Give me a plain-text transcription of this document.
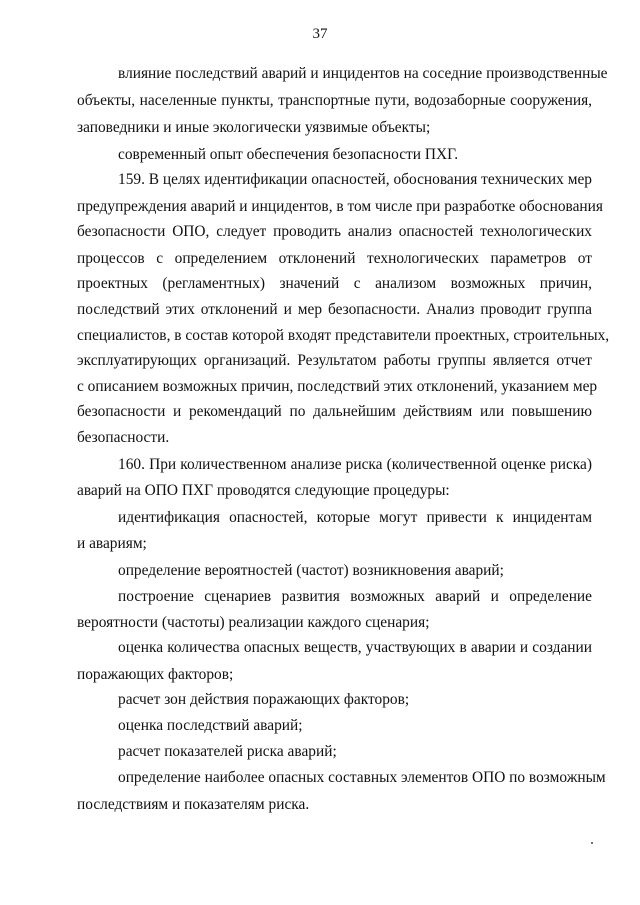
37
влияние последствий аварий и инцидентов на соседние производственные
объекты, населенные пункты, транспортные пути, водозаборные сооружения,
заповедники и иные экологически уязвимые объекты;
современный опыт обеспечения безопасности ПХГ.
159. В целях идентификации опасностей, обоснования технических мер
предупреждения аварий и инцидентов, в том числе при разработке обоснования
безопасности ОПО, следует проводить анализ опасностей технологических
процессов с определением отклонений технологических параметров от
проектных (регламентных) значений с анализом возможных причин,
последствий этих отклонений и мер безопасности. Анализ проводит группа
специалистов, в состав которой входят представители проектных, строительных,
эксплуатирующих организаций. Результатом работы группы является отчет
с описанием возможных причин, последствий этих отклонений, указанием мер
безопасности и рекомендаций по дальнейшим действиям или повышению
безопасности.
160. При количественном анализе риска (количественной оценке риска)
аварий на ОПО ПХГ проводятся следующие процедуры:
идентификация опасностей, которые могут привести к инцидентам
и авариям;
определение вероятностей (частот) возникновения аварий;
построение сценариев развития возможных аварий и определение
вероятности (частоты) реализации каждого сценария;
оценка количества опасных веществ, участвующих в аварии и создании
поражающих факторов;
расчет зон действия поражающих факторов;
оценка последствий аварий;
расчет показателей риска аварий;
определение наиболее опасных составных элементов ОПО по возможным
последствиям и показателям риска.
